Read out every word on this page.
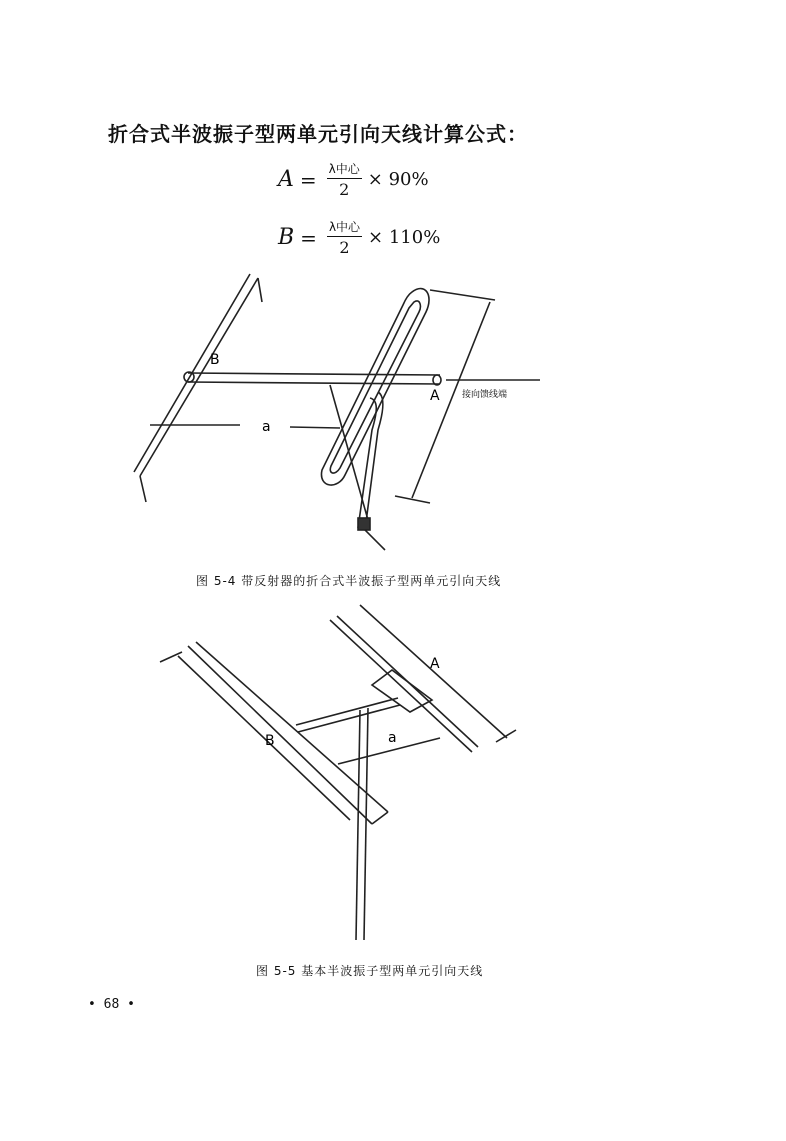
折合式半波振子型两单元引向天线计算公式：
$A = \frac{\text{λ中心}}{2} \times 90\%$
$B = \frac{\text{λ中心}}{2} \times 110\%$
B
A
a
接向馈线端
图 5-4 带反射器的折合式半波振子型两单元引向天线
A
B	a
图 5-5 基本半波振子型两单元引向天线
• 68 •
